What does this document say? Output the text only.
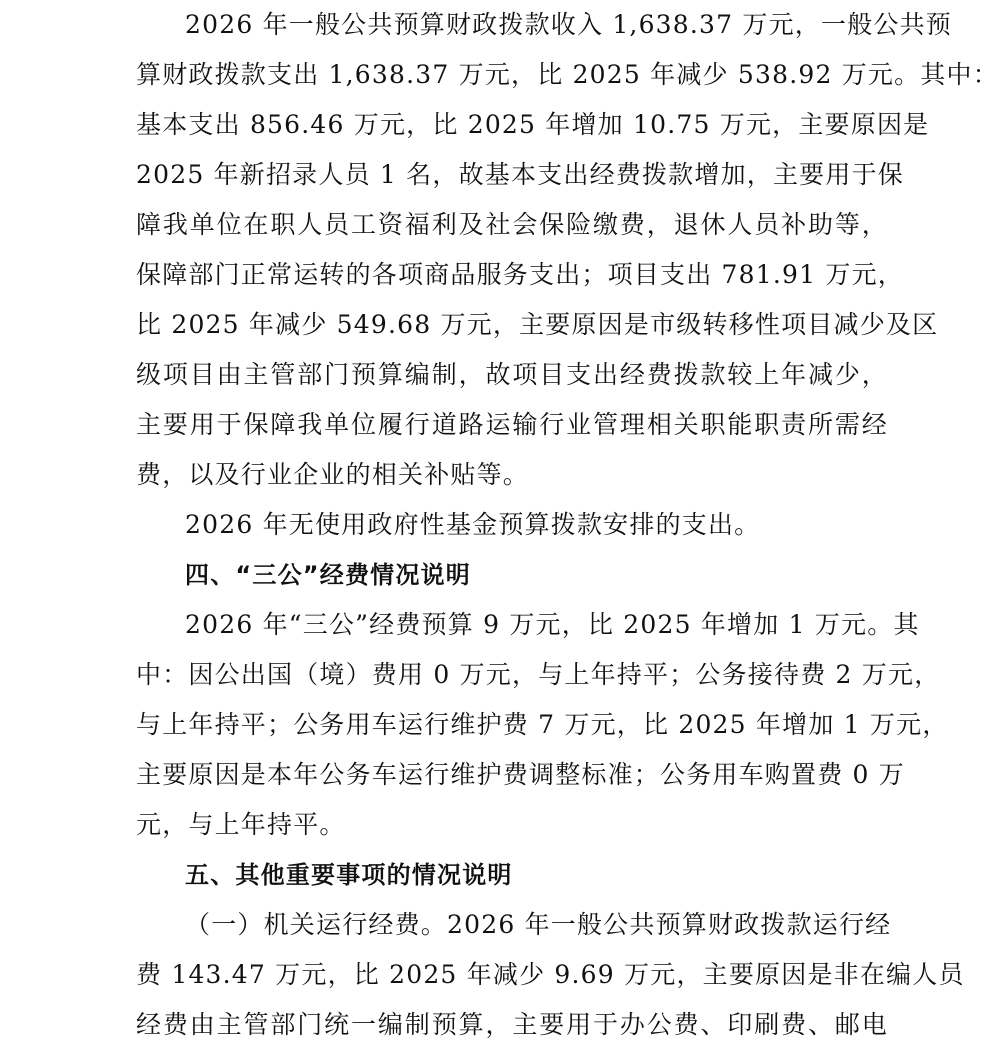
2026 年一般公共预算财政拨款收入 1,638.37 万元，一般公共预
算财政拨款支出 1,638.37 万元，比 2025 年减少 538.92 万元。其中：
基本支出 856.46 万元，比 2025 年增加 10.75 万元，主要原因是
2025 年新招录人员 1 名，故基本支出经费拨款增加，主要用于保
障我单位在职人员工资福利及社会保险缴费，退休人员补助等，
保障部门正常运转的各项商品服务支出；项目支出 781.91 万元，
比 2025 年减少 549.68 万元，主要原因是市级转移性项目减少及区
级项目由主管部门预算编制，故项目支出经费拨款较上年减少，
主要用于保障我单位履行道路运输行业管理相关职能职责所需经
费，以及行业企业的相关补贴等。
2026 年无使用政府性基金预算拨款安排的支出。
四、“三公”经费情况说明
2026 年“三公”经费预算 9 万元，比 2025 年增加 1 万元。其
中：因公出国（境）费用 0 万元，与上年持平；公务接待费 2 万元，
与上年持平；公务用车运行维护费 7 万元，比 2025 年增加 1 万元，
主要原因是本年公务车运行维护费调整标准；公务用车购置费 0 万
元，与上年持平。
五、其他重要事项的情况说明
（一）机关运行经费。2026 年一般公共预算财政拨款运行经
费 143.47 万元，比 2025 年减少 9.69 万元，主要原因是非在编人员
经费由主管部门统一编制预算，主要用于办公费、印刷费、邮电
